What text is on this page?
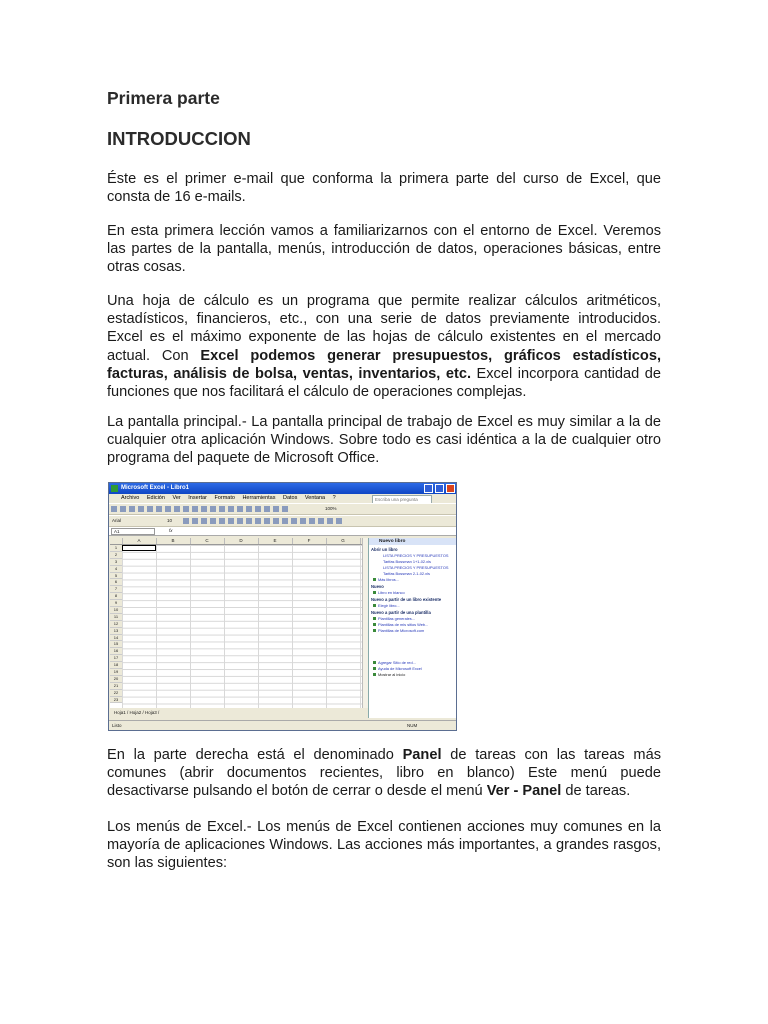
Primera parte
INTRODUCCION

Éste es el primer e-mail que conforma la primera parte del curso de Excel, que consta de 16 e-mails.

En esta primera lección vamos a familiarizarnos con el entorno de Excel. Veremos las partes de la pantalla, menús, introducción de datos, operaciones básicas, entre otras cosas.

Una hoja de cálculo es un programa que permite realizar cálculos aritméticos, estadísticos, financieros, etc., con una serie de datos previamente introducidos. Excel es el máximo exponente de las hojas de cálculo existentes en el mercado actual. Con Excel podemos generar presupuestos, gráficos estadísticos, facturas, análisis de bolsa, ventas, inventarios, etc. Excel incorpora cantidad de funciones que nos facilitará el cálculo de operaciones complejas.

La pantalla principal.- La pantalla principal de trabajo de Excel es muy similar a la de cualquier otra aplicación Windows. Sobre todo es casi idéntica a la de cualquier otro programa del paquete de Microsoft Office.

Microsoft Excel - Libro1
Archivo Edición Ver Insertar Formato Herramientas Datos Ventana ?	Escriba una pregunta
100%
Arial	10
A1	fx
A	B	C	D	E	F	G
1
2
3
4
5
6
7
8
9
10
11
12
13
14
15
16
17
18
19
20
21
22
23
Hoja1 / Hoja2 / Hoja3 /
Nuevo libro
Abrir un libro
LISTA PRECIOS Y PRESUPUESTOS
Tarifas Bossman 1+1-02.xls
LISTA PRECIOS Y PRESUPUESTOS
Tarifas Bossman 2-1-02.xls
Más libros...
Nuevo
Libro en blanco
Nuevo a partir de un libro existente
Elegir libro...
Nuevo a partir de una plantilla
Plantillas generales...
Plantillas de mis sitios Web...
Plantillas de Microsoft.com
Agregar Sitio de red...
Ayuda de Microsoft Excel
Mostrar al inicio
Listo	NUM

En la parte derecha está el denominado Panel de tareas con las tareas más comunes (abrir documentos recientes, libro en blanco) Este menú puede desactivarse pulsando el botón de cerrar o desde el menú Ver - Panel de tareas.

Los menús de Excel.- Los menús de Excel contienen acciones muy comunes en la mayoría de aplicaciones Windows. Las acciones más importantes, a grandes rasgos, son las siguientes:
